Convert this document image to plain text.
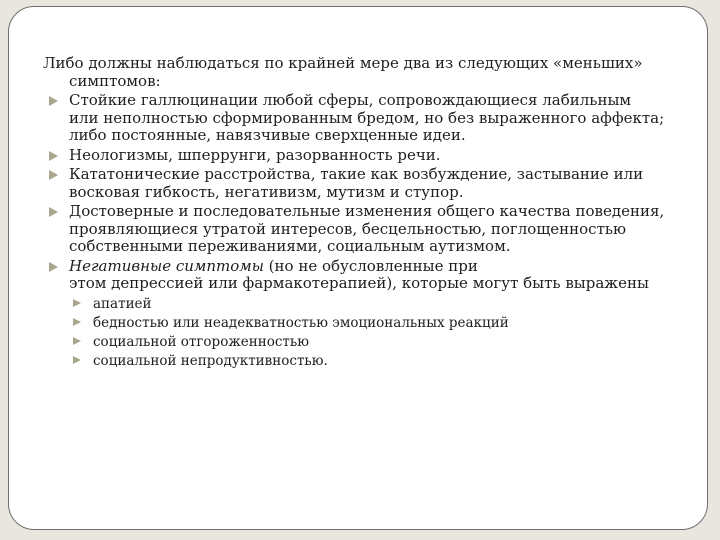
Либо должны наблюдаться по крайней мере два из следующих «меньших»
симптомов:
Стойкие галлюцинации любой сферы, сопровождающиеся лабильным
или неполностью сформированным бредом, но без выраженного аффекта;
либо постоянные, навязчивые сверхценные идеи.
Неологизмы, шперрунги, разорванность речи.
Кататонические расстройства, такие как возбуждение, застывание или
восковая гибкость, негативизм, мутизм и ступор.
Достоверные и последовательные изменения общего качества поведения,
проявляющиеся утратой интересов, бесцельностью, поглощенностью
собственными переживаниями, социальным аутизмом.
Негативные симптомы (но не обусловленные при
этом депрессией или фармакотерапией), которые могут быть выражены
апатией
бедностью или неадекватностью эмоциональных реакций
социальной отгороженностью
социальной непродуктивностью.
